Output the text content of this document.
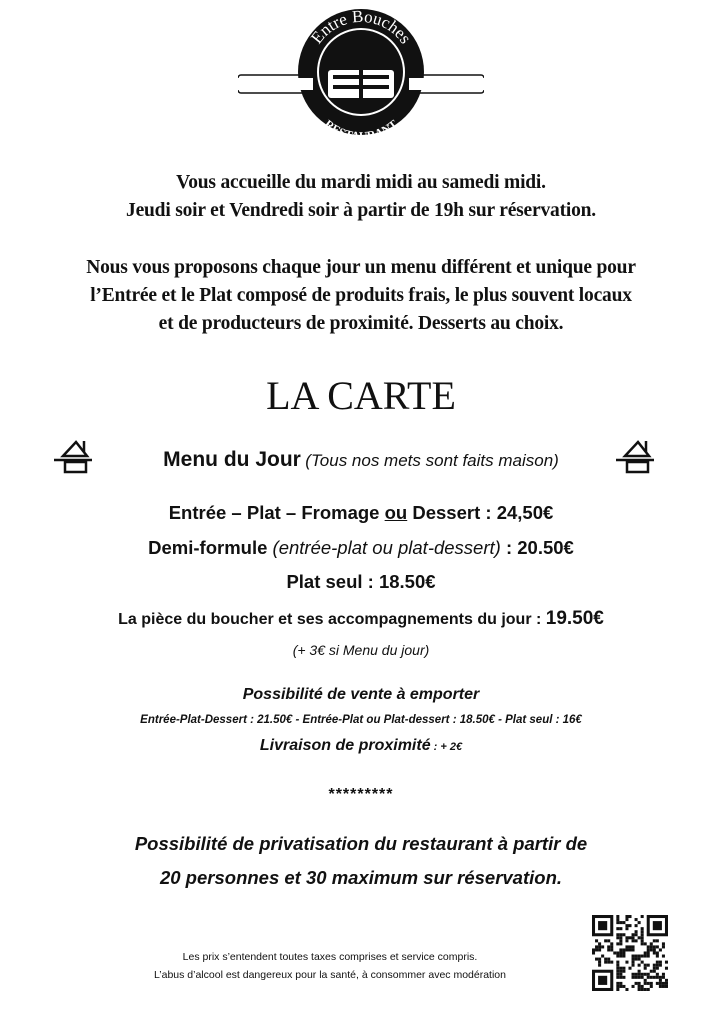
Entre Bouches
RESTAURANT
Vous accueille du mardi midi au samedi midi.
Jeudi soir et Vendredi soir à partir de 19h sur réservation.
Nous vous proposons chaque jour un menu différent et unique pour
l’Entrée et le Plat composé de produits frais, le plus souvent locaux
et de producteurs de proximité. Desserts au choix.
LA CARTE
Menu du Jour (Tous nos mets sont faits maison)
Entrée – Plat – Fromage ou Dessert : 24,50€
Demi-formule (entrée-plat ou plat-dessert) : 20.50€
Plat seul : 18.50€
La pièce du boucher et ses accompagnements du jour : 19.50€
(+ 3€ si Menu du jour)
Possibilité de vente à emporter
Entrée-Plat-Dessert : 21.50€ - Entrée-Plat ou Plat-dessert : 18.50€ - Plat seul : 16€
Livraison de proximité : + 2€
*********
Possibilité de privatisation du restaurant à partir de
20 personnes et 30 maximum sur réservation.
Les prix s’entendent toutes taxes comprises et service compris.
L’abus d’alcool est dangereux pour la santé, à consommer avec modération
